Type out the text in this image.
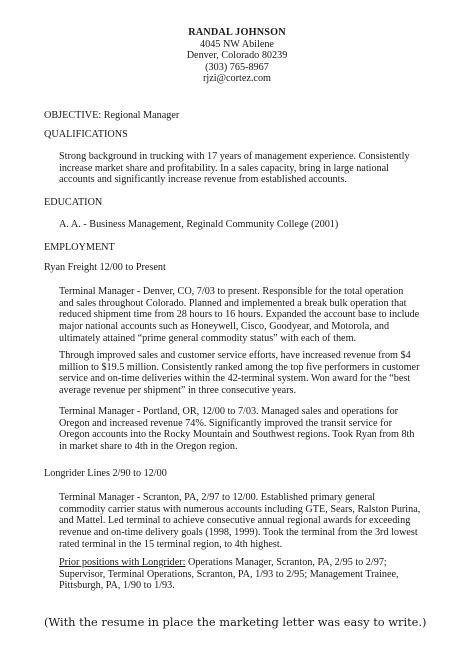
RANDAL JOHNSON
4045 NW Abilene
Denver, Colorado 80239
(303) 765-8967
rjzi@cortez.com
OBJECTIVE: Regional Manager
QUALIFICATIONS
Strong background in trucking with 17 years of management experience. Consistently
increase market share and profitability. In a sales capacity, bring in large national
accounts and significantly increase revenue from established accounts.
EDUCATION
A. A. - Business Management, Reginald Community College (2001)
EMPLOYMENT
Ryan Freight 12/00 to Present
Terminal Manager - Denver, CO, 7/03 to present. Responsible for the total operation
and sales throughout Colorado. Planned and implemented a break bulk operation that
reduced shipment time from 28 hours to 16 hours. Expanded the account base to include
major national accounts such as Honeywell, Cisco, Goodyear, and Motorola, and
ultimately attained “prime general commodity status” with each of them.
Through improved sales and customer service efforts, have increased revenue from $4
million to $19.5 million. Consistently ranked among the top five performers in customer
service and on-time deliveries within the 42-terminal system. Won award for the “best
average revenue per shipment” in three consecutive years.
Terminal Manager - Portland, OR, 12/00 to 7/03. Managed sales and operations for
Oregon and increased revenue 74%. Significantly improved the transit service for
Oregon accounts into the Rocky Mountain and Southwest regions. Took Ryan from 8th
in market share to 4th in the Oregon region.
Longrider Lines 2/90 to 12/00
Terminal Manager - Scranton, PA, 2/97 to 12/00. Established primary general
commodity carrier status with numerous accounts including GTE, Sears, Ralston Purina,
and Mattel. Led terminal to achieve consecutive annual regional awards for exceeding
revenue and on-time delivery goals (1998, 1999). Took the terminal from the 3rd lowest
rated terminal in the 15 terminal region, to 4th highest.
Prior positions with Longrider: Operations Manager, Scranton, PA, 2/95 to 2/97;
Supervisor, Terminal Operations, Scranton, PA, 1/93 to 2/95; Management Trainee,
Pittsburgh, PA, 1/90 to 1/93.
(With the resume in place the marketing letter was easy to write.)
